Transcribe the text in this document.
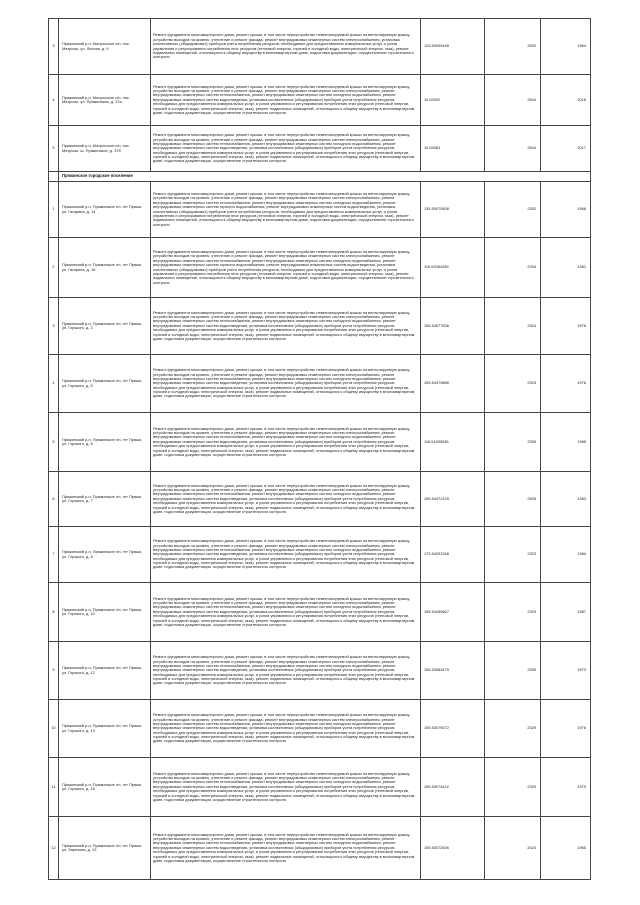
3	Пряжинский р-н, Матросское с/п, пос. Матросы, ул. Лесная, д. 9	Ремонт фундамента многоквартирного дома, ремонт крыши, в том числе переустройство невентилируемой крыши на вентилируемую крышу, устройство выходов на кровлю, утепление и ремонт фасада, ремонт внутридомовых инженерных систем электроснабжения, установка коллективных (общедомовых) приборов учета потребления ресурсов, необходимых для предоставления коммунальных услуг, и узлов управления и регулирования потребления этих ресурсов (тепловой энергии, горячей и холодной воды, электрической энергии, газа), ремонт подвальных помещений, относящихся к общему имуществу в многоквартирном доме, подготовка документации, осуществление строительного контроля	126.50099448	2592	1964
4	Пряжинский р-н, Матросское с/п, пос. Матросы, ул. Пряжинская, д. 37а	Ремонт фундамента многоквартирного дома, ремонт крыши, в том числе переустройство невентилируемой крыши на вентилируемую крышу, устройство выходов на кровлю, утепление и ремонт фасада, ремонт внутридомовых инженерных систем электроснабжения, ремонт внутридомовых инженерных систем теплоснабжения, ремонт внутридомовых инженерных систем холодного водоснабжения, ремонт внутридомовых инженерных систем водоотведения, установка коллективных (общедомовых) приборов учета потребления ресурсов, необходимых для предоставления коммунальных услуг, и узлов управления и регулирования потребления этих ресурсов (тепловой энергии, горячей и холодной воды, электрической энергии, газа), ремонт подвальных помещений, относящихся к общему имуществу в многоквартирном доме, подготовка документации, осуществление строительного контроля	10.00092	2644	2016
5	Пряжинский р-н, Матросское с/п, пос. Матросы, ш. Пряжинское, д. 37б	Ремонт фундамента многоквартирного дома, ремонт крыши, в том числе переустройство невентилируемой крыши на вентилируемую крышу, устройство выходов на кровлю, утепление и ремонт фасада, ремонт внутридомовых инженерных систем электроснабжения, ремонт внутридомовых инженерных систем теплоснабжения, ремонт внутридомовых инженерных систем холодного водоснабжения, ремонт внутридомовых инженерных систем водоотведения, установка коллективных (общедомовых) приборов учета потребления ресурсов, необходимых для предоставления коммунальных услуг, и узлов управления и регулирования потребления этих ресурсов (тепловой энергии, горячей и холодной воды, электрической энергии, газа), ремонт подвальных помещений, относящихся к общему имуществу в многоквартирном доме, подготовка документации, осуществление строительного контроля	10.00081	2644	2017
	Пряжинское городское поселение				
1	Пряжинский р-н, Пряжинское г/п, пгт Пряжа, ул. Гагарина, д. 14	Ремонт фундамента многоквартирного дома, ремонт крыши, в том числе переустройство невентилируемой крыши на вентилируемую крышу, устройство выходов на кровлю, утепление и ремонт фасада, ремонт внутридомовых инженерных систем электроснабжения, ремонт внутридомовых инженерных систем теплоснабжения, ремонт внутридомовых инженерных систем холодного водоснабжения, ремонт внутридомовых инженерных систем горячего водоснабжения, ремонт внутридомовых инженерных систем водоотведения, установка коллективных (общедомовых) приборов учета потребления ресурсов, необходимых для предоставления коммунальных услуг, и узлов управления и регулирования потребления этих ресурсов (тепловой энергии, горячей и холодной воды, электрической энергии, газа), ремонт подвальных помещений, относящихся к общему имуществу в многоквартирном доме, подготовка документации, осуществление строительного контроля	135.50079508	2352	1966
2	Пряжинский р-н, Пряжинское г/п, пгт Пряжа, ул. Гагарина, д. 16	Ремонт фундамента многоквартирного дома, ремонт крыши, в том числе переустройство невентилируемой крыши на вентилируемую крышу, устройство выходов на кровлю, утепление и ремонт фасада, ремонт внутридомовых инженерных систем электроснабжения, ремонт внутридомовых инженерных систем теплоснабжения, ремонт внутридомовых инженерных систем холодного водоснабжения, ремонт внутридомовых инженерных систем горячего водоснабжения, ремонт внутридомовых инженерных систем водоотведения, установка коллективных (общедомовых) приборов учета потребления ресурсов, необходимых для предоставления коммунальных услуг, и узлов управления и регулирования потребления этих ресурсов (тепловой энергии, горячей и холодной воды, электрической энергии, газа), ремонт подвальных помещений, относящихся к общему имуществу в многоквартирном доме, подготовка документации, осуществление строительного контроля	115.52064289	2294	1981
3	Пряжинский р-н, Пряжинское г/п, пгт Пряжа, ул. Горького, д. 3	Ремонт фундамента многоквартирного дома, ремонт крыши, в том числе переустройство невентилируемой крыши на вентилируемую крышу, устройство выходов на кровлю, утепление и ремонт фасада, ремонт внутридомовых инженерных систем электроснабжения, ремонт внутридомовых инженерных систем теплоснабжения, ремонт внутридомовых инженерных систем холодного водоснабжения, ремонт внутридомовых инженерных систем водоотведения, установка коллективных (общедомовых) приборов учета потребления ресурсов, необходимых для предоставления коммунальных услуг, и узлов управления и регулирования потребления этих ресурсов (тепловой энергии, горячей и холодной воды, электрической энергии, газа), ремонт подвальных помещений, относящихся к общему имуществу в многоквартирном доме, подготовка документации, осуществление строительного контроля	155.54677636	2304	1978
4	Пряжинский р-н, Пряжинское г/п, пгт Пряжа, ул. Горького, д. 5	Ремонт фундамента многоквартирного дома, ремонт крыши, в том числе переустройство невентилируемой крыши на вентилируемую крышу, устройство выходов на кровлю, утепление и ремонт фасада, ремонт внутридомовых инженерных систем электроснабжения, ремонт внутридомовых инженерных систем теплоснабжения, ремонт внутридомовых инженерных систем холодного водоснабжения, ремонт внутридомовых инженерных систем водоотведения, установка коллективных (общедомовых) приборов учета потребления ресурсов, необходимых для предоставления коммунальных услуг, и узлов управления и регулирования потребления этих ресурсов (тепловой энергии, горячей и холодной воды, электрической энергии, газа), ремонт подвальных помещений, относящихся к общему имуществу в многоквартирном доме, подготовка документации, осуществление строительного контроля	155.54479886	2325	1976
5	Пряжинский р-н, Пряжинское г/п, пгт Пряжа, ул. Горького, д. 6	Ремонт фундамента многоквартирного дома, ремонт крыши, в том числе переустройство невентилируемой крыши на вентилируемую крышу, устройство выходов на кровлю, утепление и ремонт фасада, ремонт внутридомовых инженерных систем электроснабжения, ремонт внутридомовых инженерных систем теплоснабжения, ремонт внутридомовых инженерных систем холодного водоснабжения, ремонт внутридомовых инженерных систем водоотведения, установка коллективных (общедомовых) приборов учета потребления ресурсов, необходимых для предоставления коммунальных услуг, и узлов управления и регулирования потребления этих ресурсов (тепловой энергии, горячей и холодной воды, электрической энергии, газа), ремонт подвальных помещений, относящихся к общему имуществу в многоквартирном доме, подготовка документации, осуществление строительного контроля	118.51099536	2395	1985
6	Пряжинский р-н, Пряжинское г/п, пгт Пряжа, ул. Горького, д. 7	Ремонт фундамента многоквартирного дома, ремонт крыши, в том числе переустройство невентилируемой крыши на вентилируемую крышу, устройство выходов на кровлю, утепление и ремонт фасада, ремонт внутридомовых инженерных систем электроснабжения, ремонт внутридомовых инженерных систем теплоснабжения, ремонт внутридомовых инженерных систем холодного водоснабжения, ремонт внутридомовых инженерных систем водоотведения, установка коллективных (общедомовых) приборов учета потребления ресурсов, необходимых для предоставления коммунальных услуг, и узлов управления и регулирования потребления этих ресурсов (тепловой энергии, горячей и холодной воды, электрической энергии, газа), ремонт подвальных помещений, относящихся к общему имуществу в многоквартирном доме, подготовка документации, осуществление строительного контроля	155.54472109	2505	1983
7	Пряжинский р-н, Пряжинское г/п, пгт Пряжа, ул. Горького, д. 8	Ремонт фундамента многоквартирного дома, ремонт крыши, в том числе переустройство невентилируемой крыши на вентилируемую крышу, устройство выходов на кровлю, утепление и ремонт фасада, ремонт внутридомовых инженерных систем электроснабжения, ремонт внутридомовых инженерных систем теплоснабжения, ремонт внутридомовых инженерных систем холодного водоснабжения, ремонт внутридомовых инженерных систем водоотведения, установка коллективных (общедомовых) приборов учета потребления ресурсов, необходимых для предоставления коммунальных услуг, и узлов управления и регулирования потребления этих ресурсов (тепловой энергии, горячей и холодной воды, электрической энергии, газа), ремонт подвальных помещений, относящихся к общему имуществу в многоквартирном доме, подготовка документации, осуществление строительного контроля	175.54291268	2323	1984
8	Пряжинский р-н, Пряжинское г/п, пгт Пряжа, ул. Горького, д. 10	Ремонт фундамента многоквартирного дома, ремонт крыши, в том числе переустройство невентилируемой крыши на вентилируемую крышу, устройство выходов на кровлю, утепление и ремонт фасада, ремонт внутридомовых инженерных систем электроснабжения, ремонт внутридомовых инженерных систем теплоснабжения, ремонт внутридомовых инженерных систем холодного водоснабжения, ремонт внутридомовых инженерных систем водоотведения, установка коллективных (общедомовых) приборов учета потребления ресурсов, необходимых для предоставления коммунальных услуг, и узлов управления и регулирования потребления этих ресурсов (тепловой энергии, горячей и холодной воды, электрической энергии, газа), ремонт подвальных помещений, относящихся к общему имуществу в многоквартирном доме, подготовка документации, осуществление строительного контроля	155.54289667	2329	1987
9	Пряжинский р-н, Пряжинское г/п, пгт Пряжа, ул. Горького, д. 12	Ремонт фундамента многоквартирного дома, ремонт крыши, в том числе переустройство невентилируемой крыши на вентилируемую крышу, устройство выходов на кровлю, утепление и ремонт фасада, ремонт внутридомовых инженерных систем электроснабжения, ремонт внутридомовых инженерных систем теплоснабжения, ремонт внутридомовых инженерных систем холодного водоснабжения, ремонт внутридомовых инженерных систем водоотведения, установка коллективных (общедомовых) приборов учета потребления ресурсов, необходимых для предоставления коммунальных услуг, и узлов управления и регулирования потребления этих ресурсов (тепловой энергии, горячей и холодной воды, электрической энергии, газа), ремонт подвальных помещений, относящихся к общему имуществу в многоквартирном доме, подготовка документации, осуществление строительного контроля	155.53083479	2289	1973
10	Пряжинский р-н, Пряжинское г/п, пгт Пряжа, ул. Горького, д. 14	Ремонт фундамента многоквартирного дома, ремонт крыши, в том числе переустройство невентилируемой крыши на вентилируемую крышу, устройство выходов на кровлю, утепление и ремонт фасада, ремонт внутридомовых инженерных систем электроснабжения, ремонт внутридомовых инженерных систем теплоснабжения, ремонт внутридомовых инженерных систем холодного водоснабжения, ремонт внутридомовых инженерных систем водоотведения, установка коллективных (общедомовых) приборов учета потребления ресурсов, необходимых для предоставления коммунальных услуг, и узлов управления и регулирования потребления этих ресурсов (тепловой энергии, горячей и холодной воды, электрической энергии, газа), ремонт подвальных помещений, относящихся к общему имуществу в многоквартирном доме, подготовка документации, осуществление строительного контроля	155.53079072	2329	1976
11	Пряжинский р-н, Пряжинское г/п, пгт Пряжа, ул. Горького, д. 16	Ремонт фундамента многоквартирного дома, ремонт крыши, в том числе переустройство невентилируемой крыши на вентилируемую крышу, устройство выходов на кровлю, утепление и ремонт фасада, ремонт внутридомовых инженерных систем электроснабжения, ремонт внутридомовых инженерных систем теплоснабжения, ремонт внутридомовых инженерных систем холодного водоснабжения, ремонт внутридомовых инженерных систем водоотведения, установка коллективных (общедомовых) приборов учета потребления ресурсов, необходимых для предоставления коммунальных услуг, и узлов управления и регулирования потребления этих ресурсов (тепловой энергии, горячей и холодной воды, электрической энергии, газа), ремонт подвальных помещений, относящихся к общему имуществу в многоквартирном доме, подготовка документации, осуществление строительного контроля	155.53074422	2329	1979
12	Пряжинский р-н, Пряжинское г/п, пгт Пряжа, ул. Заречная, д. 13	Ремонт фундамента многоквартирного дома, ремонт крыши, в том числе переустройство невентилируемой крыши на вентилируемую крышу, устройство выходов на кровлю, утепление и ремонт фасада, ремонт внутридомовых инженерных систем электроснабжения, ремонт внутридомовых инженерных систем теплоснабжения, ремонт внутридомовых инженерных систем холодного водоснабжения, ремонт внутридомовых инженерных систем водоотведения, установка коллективных (общедомовых) приборов учета потребления ресурсов, необходимых для предоставления коммунальных услуг, и узлов управления и регулирования потребления этих ресурсов (тепловой энергии, горячей и холодной воды, электрической энергии, газа), ремонт подвальных помещений, относящихся к общему имуществу в многоквартирном доме, подготовка документации, осуществление строительного контроля	155.50072506	2024	1965
